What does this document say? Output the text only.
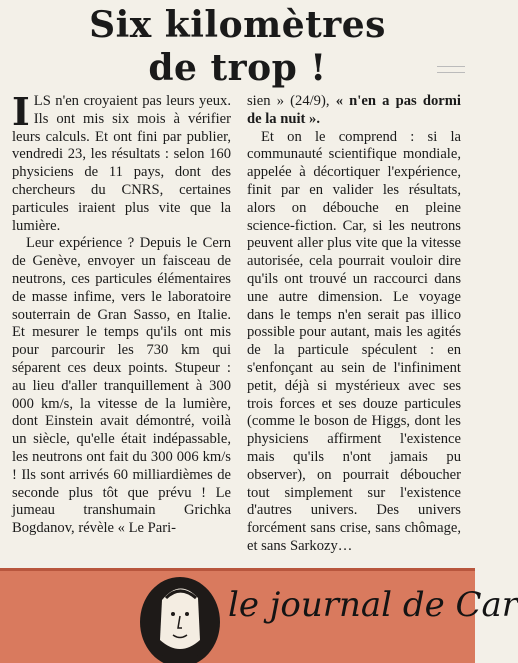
Six kilomètres

de trop !

ILS n'en croyaient pas leurs yeux. Ils ont mis six mois à vérifier leurs calculs. Et ont fini par publier, vendredi 23, les résultats : selon 160 physiciens de 11 pays, dont des chercheurs du CNRS, certaines particules iraient plus vite que la lumière.

Leur expérience ? Depuis le Cern de Genève, envoyer un faisceau de neutrons, ces particules élémentaires de masse infime, vers le laboratoire souterrain de Gran Sasso, en Italie. Et mesurer le temps qu'ils ont mis pour parcourir les 730 km qui séparent ces deux points. Stupeur : au lieu d'aller tranquillement à 300 000 km/s, la vitesse de la lumière, dont Einstein avait démontré, voilà un siècle, qu'elle était indépassable, les neutrons ont fait du 300 006 km/s ! Ils sont arrivés 60 milliardièmes de seconde plus tôt que prévu ! Le jumeau transhumain Grichka Bogdanov, révèle « Le Pari-

sien » (24/9), « n'en a pas dormi de la nuit ».

Et on le comprend : si la communauté scientifique mondiale, appelée à décortiquer l'expérience, finit par en valider les résultats, alors on débouche en pleine science-fiction. Car, si les neutrons peuvent aller plus vite que la vitesse autorisée, cela pourrait vouloir dire qu'ils ont trouvé un raccourci dans une autre dimension. Le voyage dans le temps n'en serait pas illico possible pour autant, mais les agités de la particule spéculent : en s'enfonçant au sein de l'infiniment petit, déjà si mystérieux avec ses trois forces et ses douze particules (comme le boson de Higgs, dont les physiciens affirment l'existence mais qu'ils n'ont jamais pu observer), on pourrait déboucher tout simplement sur l'existence d'autres univers. Des univers forcément sans crise, sans chômage, et sans Sarkozy…

le journal de Car
